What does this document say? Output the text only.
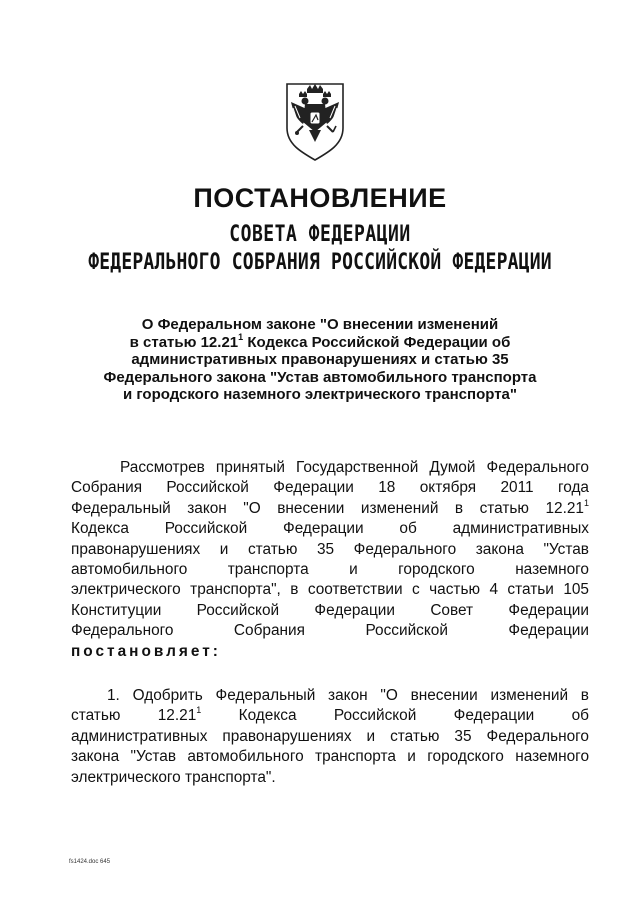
ПОСТАНОВЛЕНИЕ
СОВЕТА ФЕДЕРАЦИИ
ФЕДЕРАЛЬНОГО СОБРАНИЯ РОССИЙСКОЙ ФЕДЕРАЦИИ
О Федеральном законе "О внесении изменений
в статью 12.21$^1$ Кодекса Российской Федерации об
административных правонарушениях и статью 35
Федерального закона "Устав автомобильного транспорта
и городского наземного электрического транспорта"
Рассмотрев принятый Государственной Думой Федерального
Собрания Российской Федерации 18 октября 2011 года
Федеральный закон "О внесении изменений в статью 12.21$^1$
Кодекса Российской Федерации об административных
правонарушениях и статью 35 Федерального закона "Устав
автомобильного транспорта и городского наземного
электрического транспорта", в соответствии с частью 4 статьи 105
Конституции Российской Федерации Совет Федерации
Федерального Собрания Российской Федерации
постановляет:
1. Одобрить Федеральный закон "О внесении изменений в
статью 12.21$^1$ Кодекса Российской Федерации об
административных правонарушениях и статью 35 Федерального
закона "Устав автомобильного транспорта и городского наземного
электрического транспорта".
fs1424.doc 645
